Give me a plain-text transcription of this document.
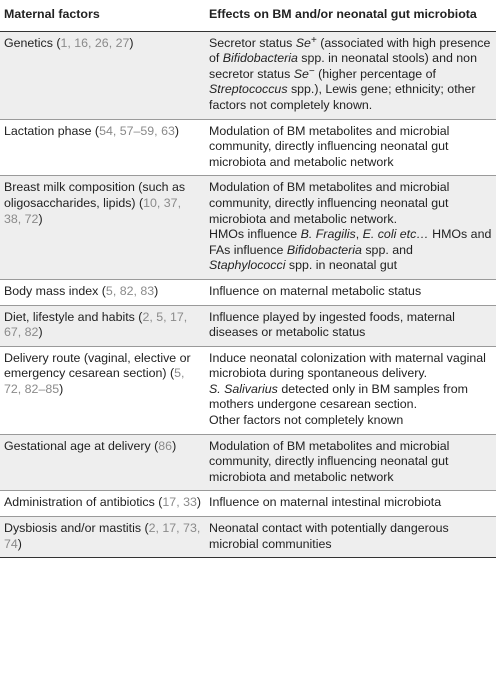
Maternal factors	Effects on BM and/or neonatal gut microbiota
Genetics (1, 16, 26, 27)	Secretor status Se+ (associated with high presence of Bifidobacteria spp. in neonatal stools) and non secretor status Se− (higher percentage of Streptococcus spp.), Lewis gene; ethnicity; other factors not completely known.

Lactation phase (54, 57–59, 63)	Modulation of BM metabolites and microbial community, directly influencing neonatal gut microbiota and metabolic network

Breast milk composition (such as oligosaccharides, lipids) (10, 37, 38, 72)	Modulation of BM metabolites and microbial community, directly influencing neonatal gut microbiota and metabolic network.
HMOs influence B. Fragilis, E. coli etc… HMOs and FAs influence Bifidobacteria spp. and Staphylococci spp. in neonatal gut

Body mass index (5, 82, 83)	Influence on maternal metabolic status

Diet, lifestyle and habits (2, 5, 17, 67, 82)	Influence played by ingested foods, maternal diseases or metabolic status

Delivery route (vaginal, elective or emergency cesarean section) (5, 72, 82–85)	Induce neonatal colonization with maternal vaginal microbiota during spontaneous delivery.
S. Salivarius detected only in BM samples from mothers undergone cesarean section.
Other factors not completely known

Gestational age at delivery (86)	Modulation of BM metabolites and microbial community, directly influencing neonatal gut microbiota and metabolic network

Administration of antibiotics (17, 33)	Influence on maternal intestinal microbiota

Dysbiosis and/or mastitis (2, 17, 73, 74)	Neonatal contact with potentially dangerous microbial communities
